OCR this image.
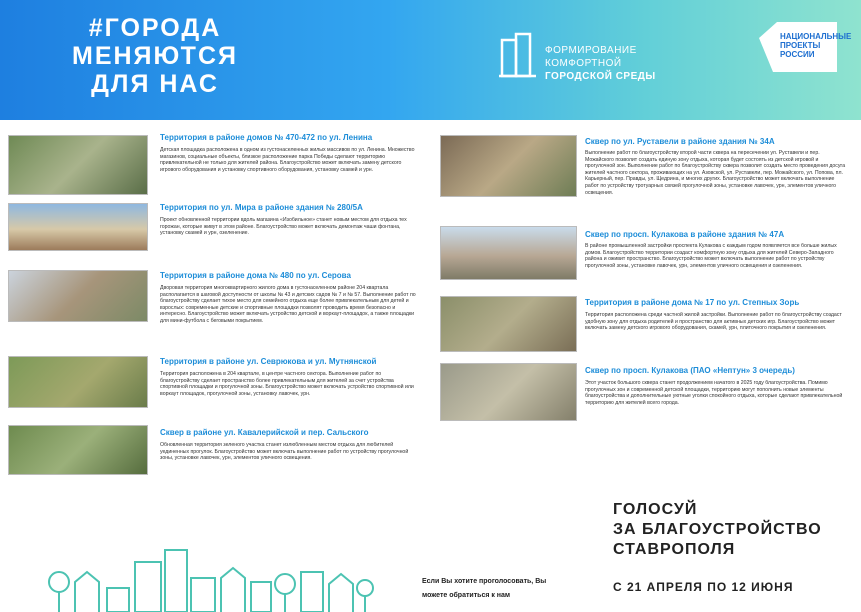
#ГОРОДА
МЕНЯЮТСЯ
ДЛЯ НАС
ФОРМИРОВАНИЕ
КОМФОРТНОЙ
ГОРОДСКОЙ СРЕДЫ
НАЦИОНАЛЬНЫЕ
ПРОЕКТЫ
РОССИИ
Территория в районе домов № 470-472 по ул. Ленина
Детская площадка расположена в одном из густонаселенных жилых массивов по ул. Ленина. Множество магазинов, социальные объекты, близкое расположение парка Победы сделают территорию привлекательной не только для жителей района. Благоустройство может включать замену детского игрового оборудования и установку спортивного оборудования, установку скамей и урн.
Территория по ул. Мира в районе здания № 280/5А
Проект обновленной территории вдоль магазина «Изобильное» станет новым местом для отдыха тех горожан, которые живут в этом районе. Благоустройство может включать демонтаж чаши фонтана, установку скамей и урн, озеленение.
Территория в районе дома № 480 по ул. Серова
Дворовая территория многоквартирного жилого дома в густонаселенном районе 204 квартала располагается в шаговой доступности от школы № 43 и детских садов № 7 и № 57. Выполнение работ по благоустройству сделает тихое место для семейного отдыха еще более привлекательным для детей и взрослых: современные детские и спортивные площадки позволят проводить время безопасно и интересно. Благоустройство может включать устройство детской и воркаут-площадок, а также площадки для мини-футбола с беговыми покрытием.
Территория в районе ул. Севрюкова и ул. Мутнянской
Территория расположена в 204 квартале, в центре частного сектора. Выполнение работ по благоустройству сделает пространство более привлекательным для жителей за счет устройства спортивной площадки и прогулочной зоны. Благоустройство может включать устройство спортивной или воркаут площадок, прогулочной зоны, установку лавочек, урн.
Сквер в районе ул. Кавалерийской и пер. Сальского
Обновленная территория зеленого участка станет излюбленным местом отдыха для любителей уединенных прогулок. Благоустройство может включать выполнение работ по устройству прогулочной зоны, установке лавочек, урн, элементов уличного освещения.
Сквер по ул. Руставели в районе здания № 34А
Выполнение работ по благоустройству второй части сквера на пересечении ул. Руставели и пер. Можайского позволит создать единую зону отдыха, которая будет состоять из детской игровой и прогулочной зон. Выполнение работ по благоустройству сквера позволит создать место проведения досуга жителей частного сектора, проживающих на ул. Азовской, ул. Руставели, пер. Можайского, ул. Попова, пл. Карьерный, пер. Правды, ул. Щедрина, и многих других. Благоустройство может включать выполнение работ по устройству тротуарных связей прогулочной зоны, установке лавочек, урн, элементов уличного освещения.
Сквер по просп. Кулакова в районе здания № 47А
В районе промышленной застройки проспекта Кулакова с каждым годом появляется все больше жилых домов. Благоустройство территории создаст комфортную зону отдыха для жителей Северо-Западного района и оживит пространство. Благоустройство может включать выполнение работ по устройству прогулочной зоны, установке лавочек, урн, элементов уличного освещения и озеленения.
Территория в районе дома № 17 по ул. Степных Зорь
Территория расположена среди частной жилой застройки. Выполнение работ по благоустройству создаст удобную зону для отдыха родителей и пространство для активных детских игр. Благоустройство может включать замену детского игрового оборудования, скамей, урн, плиточного покрытия и озеленения.
Сквер по просп. Кулакова (ПАО «Нептун» 3 очередь)
Этот участок большого сквера станет продолжением начатого в 2025 году благоустройства. Помимо прогулочных зон и современной детской площадки, территорию могут пополнить новые элементы благоустройства и дополнительные уютные уголки спокойного отдыха, которые сделают привлекательной территорию для жителей всего города.
Если Вы хотите проголосовать, Вы
можете обратиться к нам
ГОЛОСУЙ
ЗА БЛАГОУСТРОЙСТВО
СТАВРОПОЛЯ
С 21 АПРЕЛЯ ПО 12 ИЮНЯ
